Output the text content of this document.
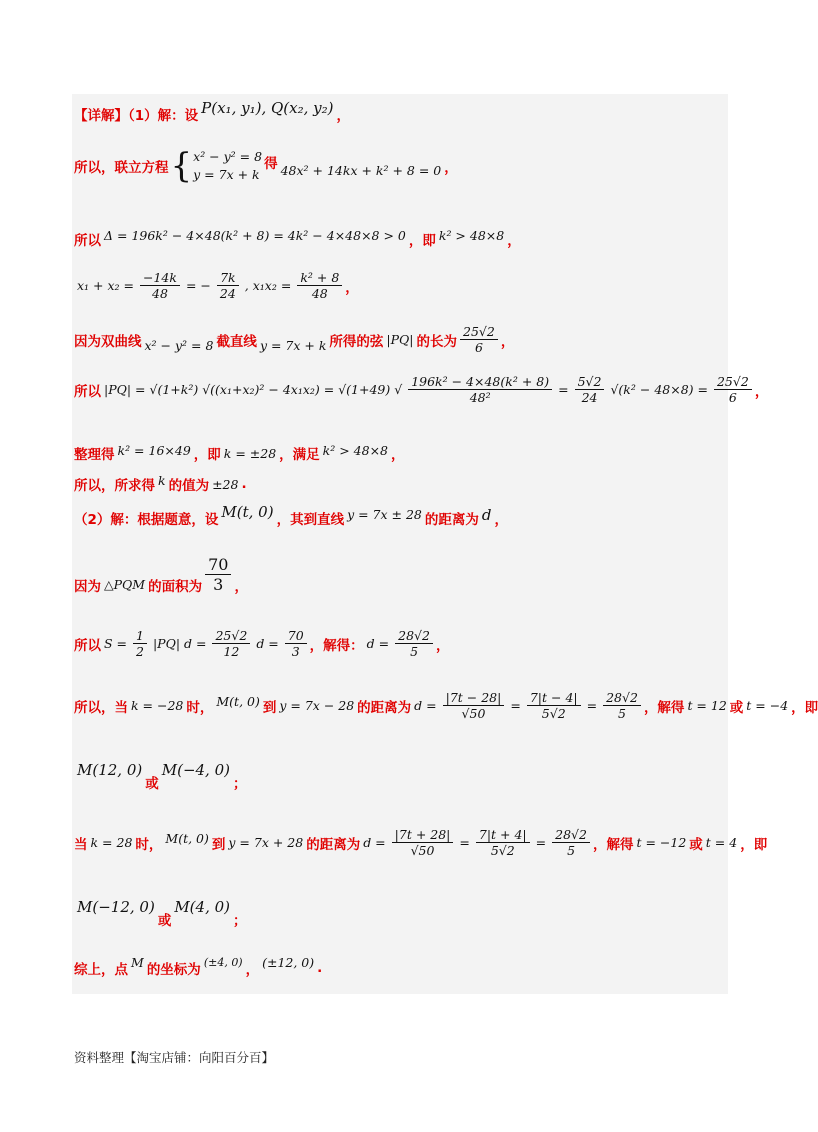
【详解】（1）解：设 P(x₁, y₁), Q(x₂, y₂) ，
所以，联立方程 { x² − y² = 8
y = 7x + k
得 48x² + 14kx + k² + 8 = 0 ，
所以 Δ = 196k² − 4×48(k² + 8) = 4k² − 4×48×8 > 0 ，即 k² > 48×8 ，
$x_1 + x_2 = \frac{-14k}{48}$ = − $\frac{7k}{24}$ , $x_1x_2 = \frac{\text{k² + 8}}{48}$ ，
因为双曲线 x² − y² = 8 截直线 y = 7x + k 所得的弦 |PQ| 的长为 $\frac{25√2}{6}$ ，
所以 |PQ| = √(1+k²) √((x₁+x₂)² − 4x₁x₂) = √(1+49) √ $\frac{\text{196k² − 4×48(k² + 8)}}{\text{48²}} = \frac{5√2}{24} √(k^2 - 48\times 8) = \frac{25√2}{6}$ ，
整理得 k² = 16×49 ，即 k = ±28 ，满足 k² > 48×8 ，
所以，所求得 k 的值为 ±28 .
（2）解：根据题意，设 M(t, 0) ，其到直线 y = 7x ± 28 的距离为 d ，
因为 △PQM 的面积为 $\frac{70}{3}$ ，
所以 $S = \frac{1}{2} |PQ|$ $d = \frac{25√2}{12}$ $d = \frac{70}{3}$ ，解得： $d = \frac{28√2}{5}$ ，
所以，当 k = −28 时， M(t, 0) 到 y = 7x − 28 的距离为 $d = \frac{|7t - 28|}{√50} = \frac{7|t - 4|}{5√2} = \frac{28√2}{5}$ ，解得 t = 12 或 t = −4 ，即
M(12, 0)
或
M(−4, 0)
；
当 k = 28 时， M(t, 0) 到 y = 7x + 28 的距离为 $d = \frac{|7t + 28|}{√50} = \frac{7|t + 4|}{5√2} = \frac{28√2}{5}$ ，解得 t = −12 或 t = 4 ，即
M(−12, 0)
或
M(4, 0)
；
综上，点 M 的坐标为 (±4, 0) ， (±12, 0) .
资料整理【淘宝店铺：向阳百分百】
